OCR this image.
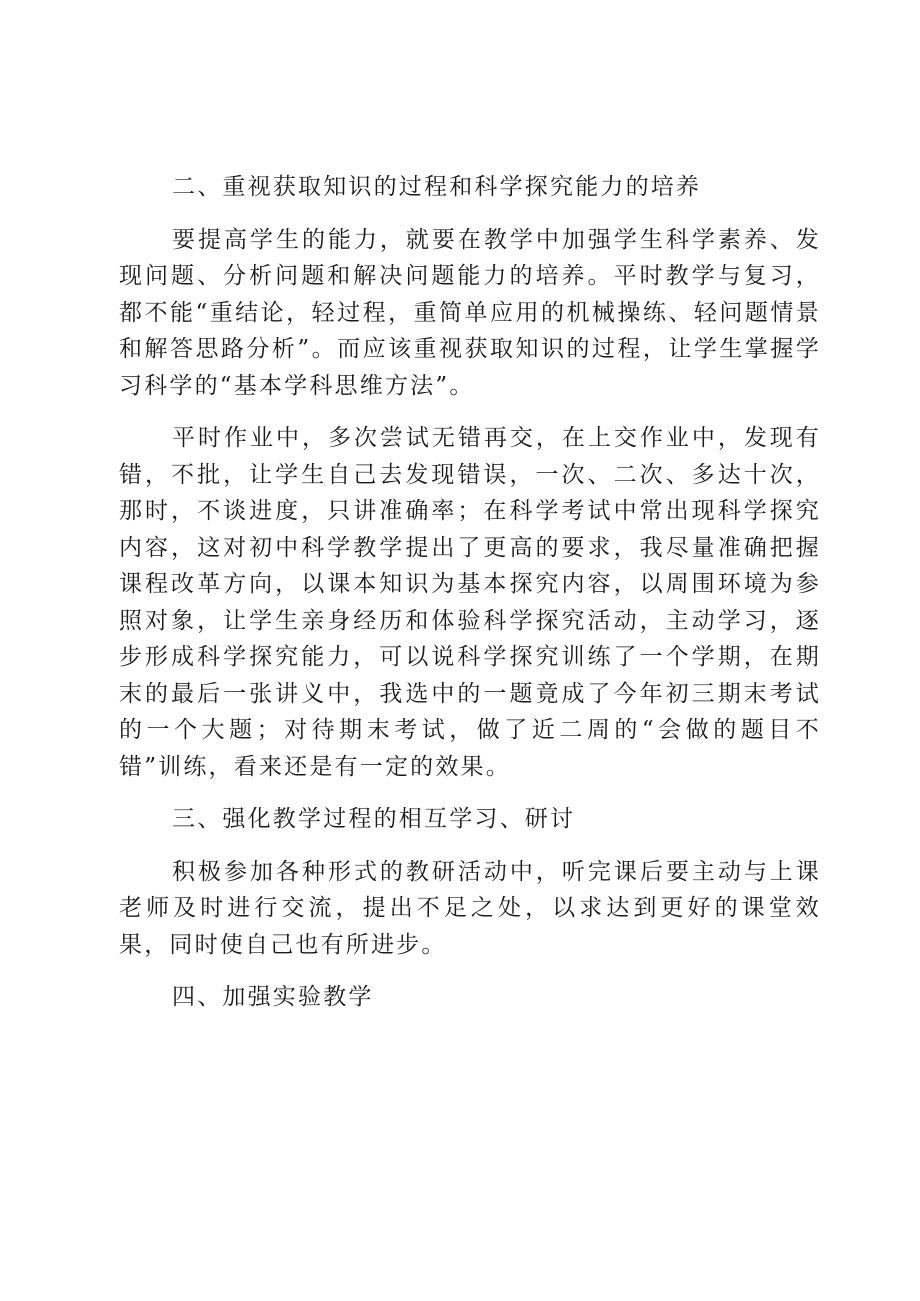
二、重视获取知识的过程和科学探究能力的培养

要提高学生的能力，就要在教学中加强学生科学素养、发现问题、分析问题和解决问题能力的培养。平时教学与复习，都不能“重结论，轻过程，重简单应用的机械操练、轻问题情景和解答思路分析”。而应该重视获取知识的过程，让学生掌握学习科学的“基本学科思维方法”。

平时作业中，多次尝试无错再交，在上交作业中，发现有错，不批，让学生自己去发现错误，一次、二次、多达十次，那时，不谈进度，只讲准确率；在科学考试中常出现科学探究内容，这对初中科学教学提出了更高的要求，我尽量准确把握课程改革方向，以课本知识为基本探究内容，以周围环境为参照对象，让学生亲身经历和体验科学探究活动，主动学习，逐步形成科学探究能力，可以说科学探究训练了一个学期，在期末的最后一张讲义中，我选中的一题竟成了今年初三期末考试的一个大题；对待期末考试，做了近二周的“会做的题目不错”训练，看来还是有一定的效果。

三、强化教学过程的相互学习、研讨

积极参加各种形式的教研活动中，听完课后要主动与上课老师及时进行交流，提出不足之处，以求达到更好的课堂效果，同时使自己也有所进步。

四、加强实验教学
